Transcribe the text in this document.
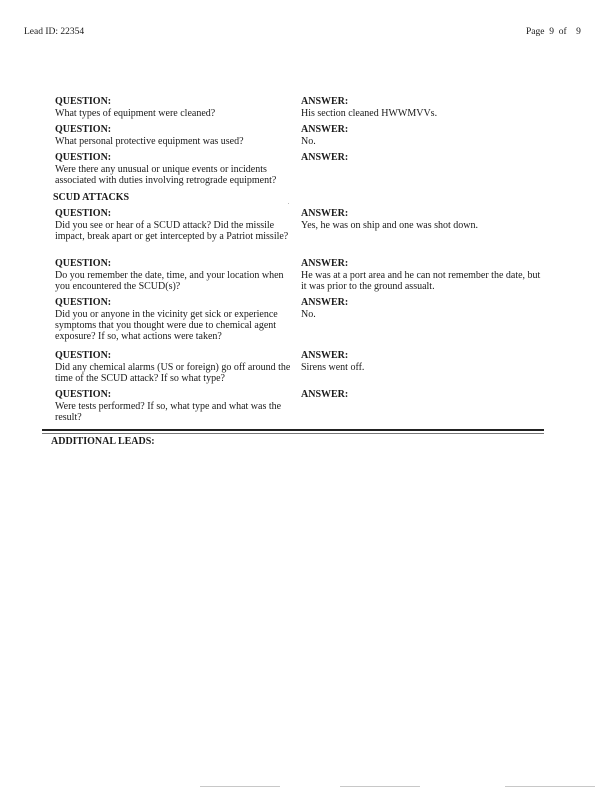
Lead ID: 22354	Page 9 of 9
QUESTION:
What types of equipment were cleaned?
ANSWER:
His section cleaned HWWMVVs.
QUESTION:
What personal protective equipment was used?
ANSWER:
No.
QUESTION:
Were there any unusual or unique events or incidents associated with duties involving retrograde equipment?
ANSWER:
SCUD ATTACKS
QUESTION:
Did you see or hear of a SCUD attack? Did the missile impact, break apart or get intercepted by a Patriot missile?
ANSWER:
Yes, he was on ship and one was shot down.
QUESTION:
Do you remember the date, time, and your location when you encountered the SCUD(s)?
ANSWER:
He was at a port area and he can not remember the date, but it was prior to the ground assualt.
QUESTION:
Did you or anyone in the vicinity get sick or experience symptoms that you thought were due to chemical agent exposure? If so, what actions were taken?
ANSWER:
No.
QUESTION:
Did any chemical alarms (US or foreign) go off around the time of the SCUD attack? If so what type?
ANSWER:
Sirens went off.
QUESTION:
Were tests performed? If so, what type and what was the result?
ANSWER:
ADDITIONAL LEADS:
